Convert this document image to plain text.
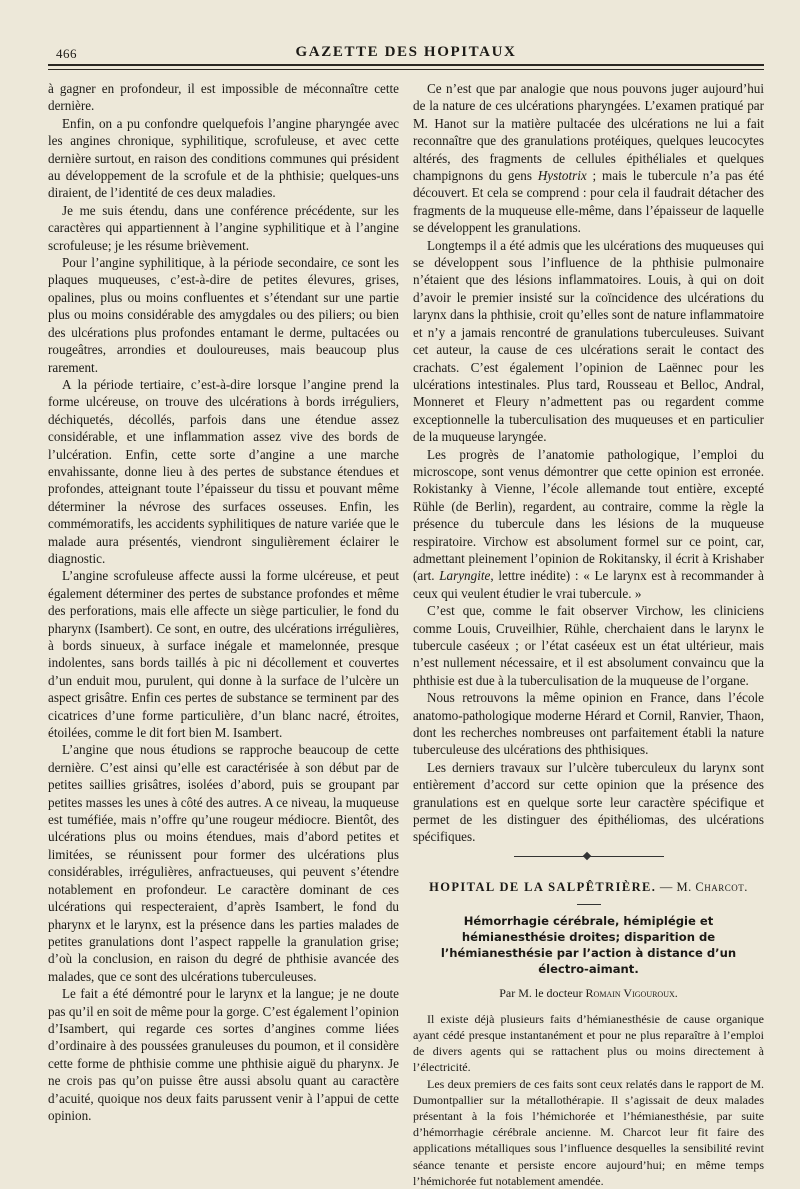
466	GAZETTE DES HOPITAUX

à gagner en profondeur, il est impossible de méconnaître cette dernière.

Enfin, on a pu confondre quelquefois l’angine pharyngée avec les angines chronique, syphilitique, scrofuleuse, et avec cette dernière surtout, en raison des conditions communes qui président au développement de la scrofule et de la phthisie; quelques-uns diraient, de l’identité de ces deux maladies.

Je me suis étendu, dans une conférence précédente, sur les caractères qui appartiennent à l’angine syphilitique et à l’angine scrofuleuse; je les résume brièvement.

Pour l’angine syphilitique, à la période secondaire, ce sont les plaques muqueuses, c’est-à-dire de petites élevures, grises, opalines, plus ou moins confluentes et s’étendant sur une partie plus ou moins considérable des amygdales ou des piliers; ou bien des ulcérations plus profondes entamant le derme, pultacées ou rougeâtres, arrondies et douloureuses, mais beaucoup plus rarement.

A la période tertiaire, c’est-à-dire lorsque l’angine prend la forme ulcéreuse, on trouve des ulcérations à bords irréguliers, déchiquetés, décollés, parfois dans une étendue assez considérable, et une inflammation assez vive des bords de l’ulcération. Enfin, cette sorte d’angine a une marche envahissante, donne lieu à des pertes de substance étendues et profondes, atteignant toute l’épaisseur du tissu et pouvant même déterminer la névrose des surfaces osseuses. Enfin, les commémoratifs, les accidents syphilitiques de nature variée que le malade aura présentés, viendront singulièrement éclairer le diagnostic.

L’angine scrofuleuse affecte aussi la forme ulcéreuse, et peut également déterminer des pertes de substance profondes et même des perforations, mais elle affecte un siège particulier, le fond du pharynx (Isambert). Ce sont, en outre, des ulcérations irrégulières, à bords sinueux, à surface inégale et mamelonnée, presque indolentes, sans bords taillés à pic ni décollement et couvertes d’un enduit mou, purulent, qui donne à la surface de l’ulcère un aspect grisâtre. Enfin ces pertes de substance se terminent par des cicatrices d’une forme particulière, d’un blanc nacré, étroites, étoilées, comme le dit fort bien M. Isambert.

L’angine que nous étudions se rapproche beaucoup de cette dernière. C’est ainsi qu’elle est caractérisée à son début par de petites saillies grisâtres, isolées d’abord, puis se groupant par petites masses les unes à côté des autres. A ce niveau, la muqueuse est tuméfiée, mais n’offre qu’une rougeur médiocre. Bientôt, des ulcérations plus ou moins étendues, mais d’abord petites et limitées, se réunissent pour former des ulcérations plus considérables, irrégulières, anfractueuses, qui peuvent s’étendre notablement en profondeur. Le caractère dominant de ces ulcérations qui respecteraient, d’après Isambert, le fond du pharynx et le larynx, est la présence dans les parties malades de petites granulations dont l’aspect rappelle la granulation grise; d’où la conclusion, en raison du degré de phthisie avancée des malades, que ce sont des ulcérations tuberculeuses.

Le fait a été démontré pour le larynx et la langue; je ne doute pas qu’il en soit de même pour la gorge. C’est également l’opinion d’Isambert, qui regarde ces sortes d’angines comme liées d’ordinaire à des poussées granuleuses du poumon, et il considère cette forme de phthisie comme une phthisie aiguë du pharynx. Je ne crois pas qu’on puisse être aussi absolu quant au caractère d’acuité, quoique nos deux faits parussent venir à l’appui de cette opinion.

Ce n’est que par analogie que nous pouvons juger aujourd’hui de la nature de ces ulcérations pharyngées. L’examen pratiqué par M. Hanot sur la matière pultacée des ulcérations ne lui a fait reconnaître que des granulations protéiques, quelques leucocytes altérés, des fragments de cellules épithéliales et quelques champignons du gens Hystotrix ; mais le tubercule n’a pas été découvert. Et cela se comprend : pour cela il faudrait détacher des fragments de la muqueuse elle-même, dans l’épaisseur de laquelle se développent les granulations.

Longtemps il a été admis que les ulcérations des muqueuses qui se développent sous l’influence de la phthisie pulmonaire n’étaient que des lésions inflammatoires. Louis, à qui on doit d’avoir le premier insisté sur la coïncidence des ulcérations du larynx dans la phthisie, croit qu’elles sont de nature inflammatoire et n’y a jamais rencontré de granulations tuberculeuses. Suivant cet auteur, la cause de ces ulcérations serait le contact des crachats. C’est également l’opinion de Laënnec pour les ulcérations intestinales. Plus tard, Rousseau et Belloc, Andral, Monneret et Fleury n’admettent pas ou regardent comme exceptionnelle la tuberculisation des muqueuses et en particulier de la muqueuse laryngée.

Les progrès de l’anatomie pathologique, l’emploi du microscope, sont venus démontrer que cette opinion est erronée. Rokistanky à Vienne, l’école allemande tout entière, excepté Rühle (de Berlin), regardent, au contraire, comme la règle la présence du tubercule dans les lésions de la muqueuse respiratoire. Virchow est absolument formel sur ce point, car, admettant pleinement l’opinion de Rokitansky, il écrit à Krishaber (art. Laryngite, lettre inédite) : « Le larynx est à recommander à ceux qui veulent étudier le vrai tubercule. »

C’est que, comme le fait observer Virchow, les cliniciens comme Louis, Cruveilhier, Rühle, cherchaient dans le larynx le tubercule caséeux ; or l’état caséeux est un état ultérieur, mais n’est nullement nécessaire, et il est absolument convaincu que la phthisie est due à la tuberculisation de la muqueuse de l’organe.

Nous retrouvons la même opinion en France, dans l’école anatomo-pathologique moderne Hérard et Cornil, Ranvier, Thaon, dont les recherches nombreuses ont parfaitement établi la nature tuberculeuse des ulcérations des phthisiques.

Les derniers travaux sur l’ulcère tuberculeux du larynx sont entièrement d’accord sur cette opinion que la présence des granulations est en quelque sorte leur caractère spécifique et permet de les distinguer des épithéliomas, des ulcérations spécifiques.

HOPITAL DE LA SALPÊTRIÈRE. — M. Charcot.
Hémorrhagie cérébrale, hémiplégie et hémianesthésie droites; disparition de l’hémianesthésie par l’action à distance d’un électro-aimant.
Par M. le docteur Romain Vigouroux.

Il existe déjà plusieurs faits d’hémianesthésie de cause organique ayant cédé presque instantanément et pour ne plus reparaître à l’emploi de divers agents qui se rattachent plus ou moins directement à l’électricité.

Les deux premiers de ces faits sont ceux relatés dans le rapport de M. Dumontpallier sur la métallothérapie. Il s’agissait de deux malades présentant à la fois l’hémichorée et l’hémianesthésie, par suite d’hémorrhagie cérébrale ancienne. M. Charcot leur fit faire des applications métalliques sous l’influence desquelles la sensibilité revint séance tenante et persiste encore aujourd’hui; en même temps l’hémichorée fut notablement amendée.
